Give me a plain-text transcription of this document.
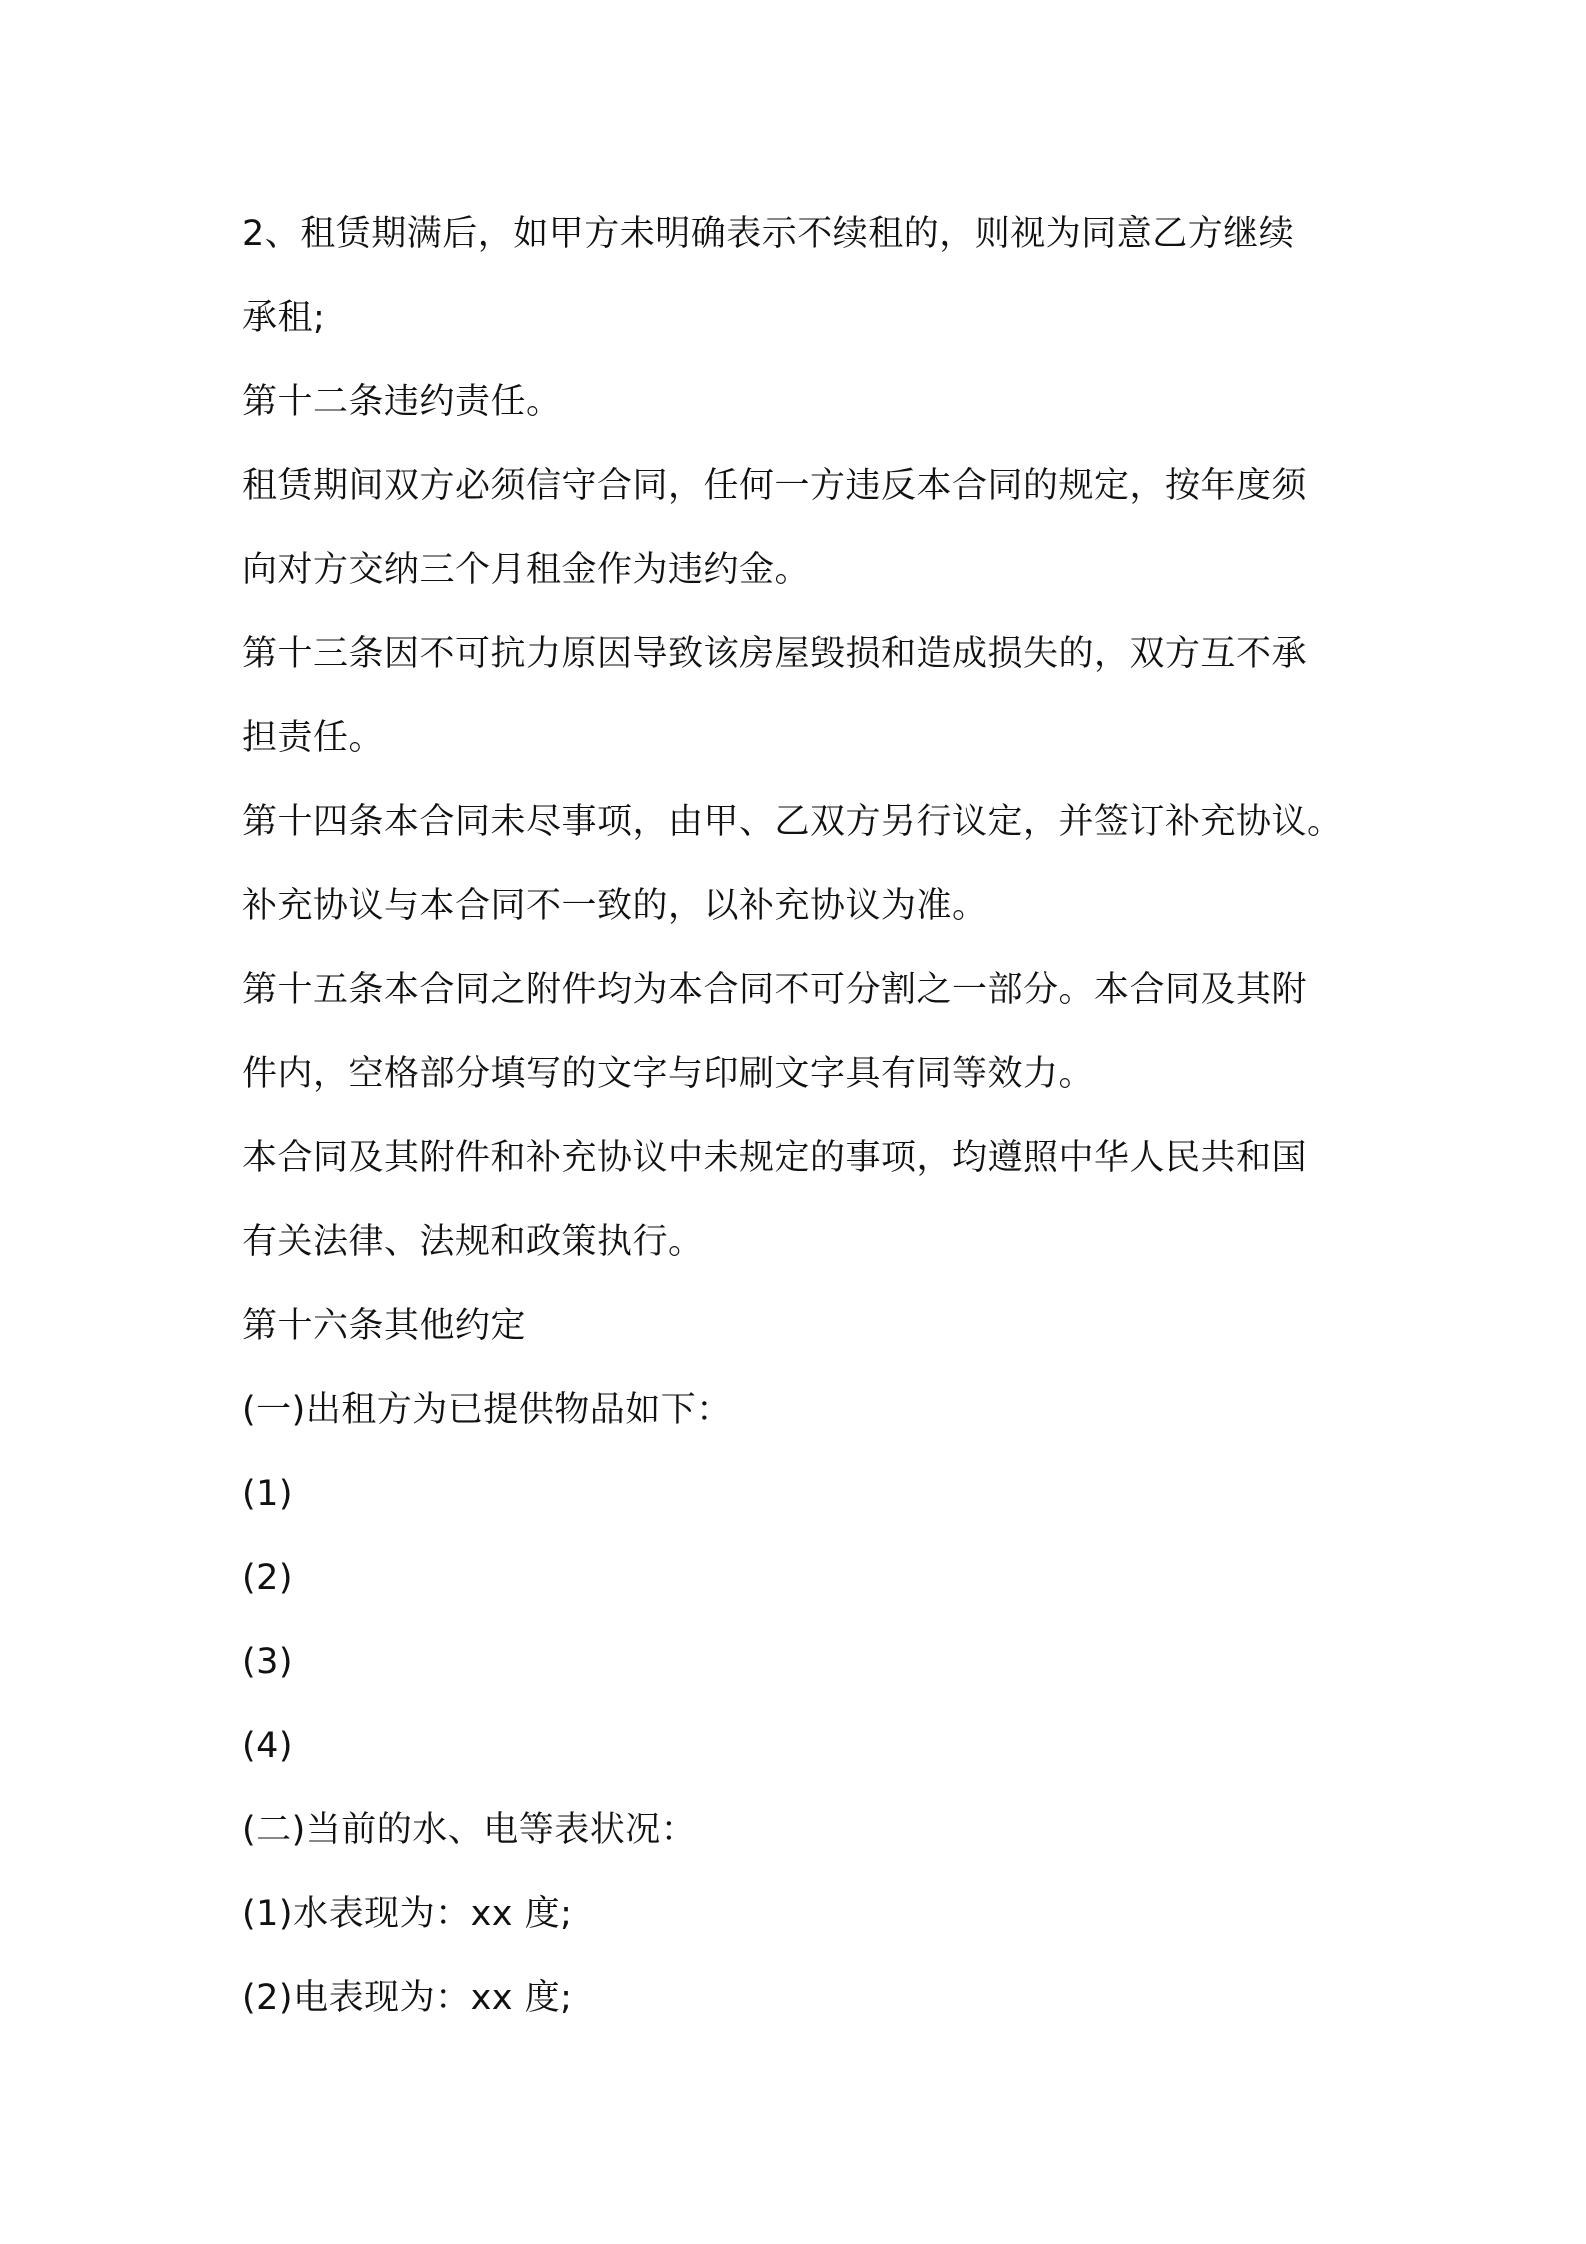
2、租赁期满后，如甲方未明确表示不续租的，则视为同意乙方继续
承租;
第十二条违约责任。
租赁期间双方必须信守合同，任何一方违反本合同的规定，按年度须
向对方交纳三个月租金作为违约金。
第十三条因不可抗力原因导致该房屋毁损和造成损失的，双方互不承
担责任。
第十四条本合同未尽事项，由甲、乙双方另行议定，并签订补充协议。
补充协议与本合同不一致的，以补充协议为准。
第十五条本合同之附件均为本合同不可分割之一部分。本合同及其附
件内，空格部分填写的文字与印刷文字具有同等效力。
本合同及其附件和补充协议中未规定的事项，均遵照中华人民共和国
有关法律、法规和政策执行。
第十六条其他约定
(一)出租方为已提供物品如下：
(1)
(2)
(3)
(4)
(二)当前的水、电等表状况：
(1)水表现为：xx 度;
(2)电表现为：xx 度;
